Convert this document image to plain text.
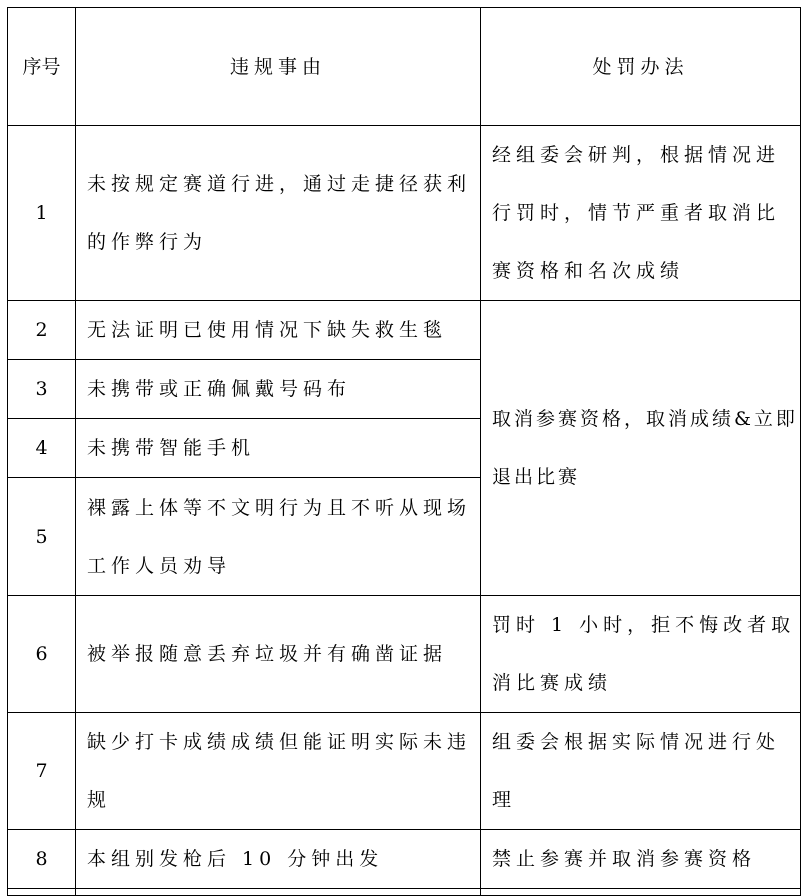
序号	违规事由	处罚办法
1	未按规定赛道行进，通过走捷径获利的作弊行为	经组委会研判，根据情况进行罚时，情节严重者取消比赛资格和名次成绩
2	无法证明已使用情况下缺失救生毯	取消参赛资格，取消成绩&立即退出比赛
3	未携带或正确佩戴号码布	
4	未携带智能手机	
5	裸露上体等不文明行为且不听从现场工作人员劝导	
6	被举报随意丢弃垃圾并有确凿证据	罚时 1 小时，拒不悔改者取消比赛成绩
7	缺少打卡成绩成绩但能证明实际未违规	组委会根据实际情况进行处理
8	本组别发枪后 10 分钟出发	禁止参赛并取消参赛资格
